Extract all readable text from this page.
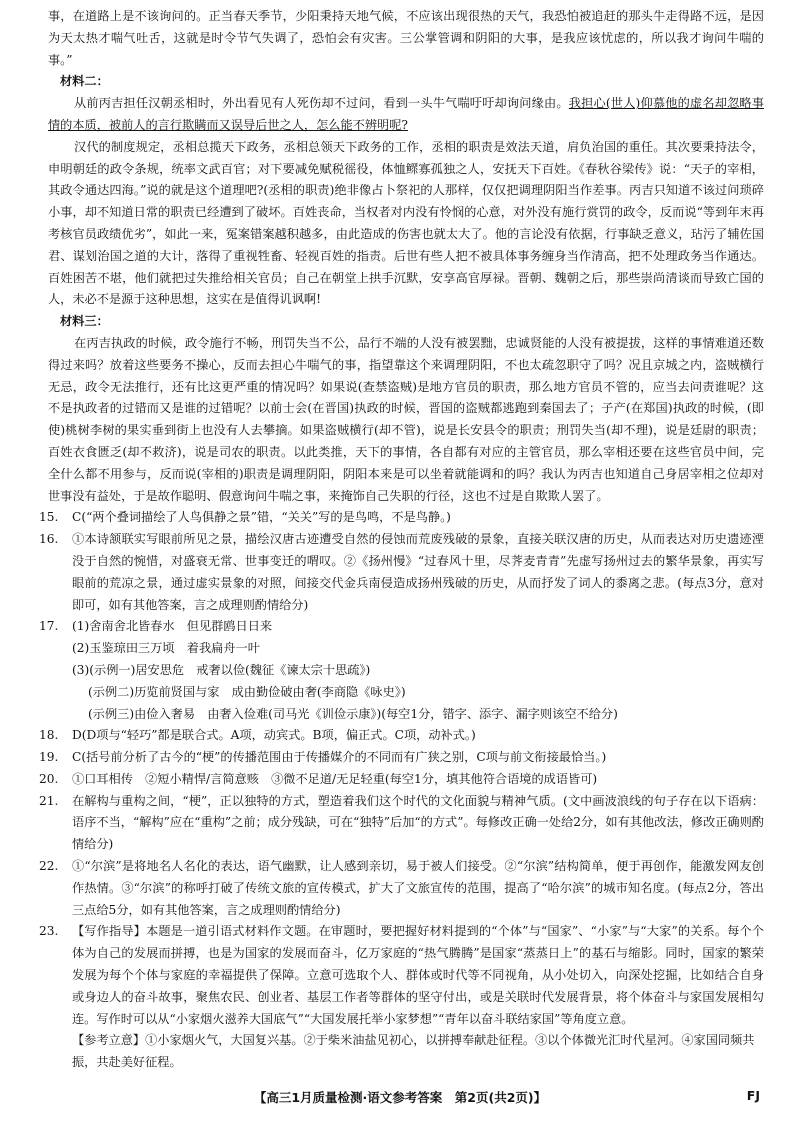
事，在道路上是不该询问的。正当春天季节，少阳秉持天地气候，不应该出现很热的天气，我恐怕被追赶的那头牛走得路不远，是因为天太热才喘气吐舌，这就是时令节气失调了，恐怕会有灾害。三公掌管调和阴阳的大事，是我应该忧虑的，所以我才询问牛喘的事。”

材料二：

从前丙吉担任汉朝丞相时，外出看见有人死伤却不过问，看到一头牛气喘吁吁却询问缘由。我担心(世人)仰慕他的虚名却忽略事情的本质，被前人的言行欺瞒而又误导后世之人，怎么能不辨明呢?

汉代的制度规定，丞相总揽天下政务，丞相总领天下政务的工作，丞相的职责是效法天道，肩负治国的重任。其次要秉持法令，申明朝廷的政令条规，统率文武百官；对下要减免赋税徭役，体恤鳏寡孤独之人，安抚天下百姓。《春秋谷梁传》说：“天子的宰相，其政令通达四海。”说的就是这个道理吧?(丞相的职责)绝非像占卜祭祀的人那样，仅仅把调理阴阳当作差事。丙吉只知道不该过问琐碎小事，却不知道日常的职责已经遭到了破坏。百姓丧命，当权者对内没有怜悯的心意，对外没有施行赏罚的政令，反而说“等到年末再考核官员政绩优劣”，如此一来，冤案错案越积越多，由此造成的伤害也就太大了。他的言论没有依据，行事缺乏意义，玷污了辅佐国君、谋划治国之道的大计，落得了重视牲畜、轻视百姓的指责。后世有些人把不被具体事务缠身当作清高，把不处理政务当作通达。百姓困苦不堪，他们就把过失推给相关官员；自己在朝堂上拱手沉默，安享高官厚禄。晋朝、魏朝之后，那些崇尚清谈而导致亡国的人，未必不是源于这种思想，这实在是值得讥讽啊!

材料三：

在丙吉执政的时候，政令施行不畅，刑罚失当不公，品行不端的人没有被罢黜，忠诚贤能的人没有被提拔，这样的事情难道还数得过来吗？放着这些要务不操心，反而去担心牛喘气的事，指望靠这个来调理阴阳，不也太疏忽职守了吗？况且京城之内，盗贼横行无忌，政令无法推行，还有比这更严重的情况吗？如果说(查禁盗贼)是地方官员的职责，那么地方官员不管的，应当去问责谁呢？这不是执政者的过错而又是谁的过错呢？以前士会(在晋国)执政的时候，晋国的盗贼都逃跑到秦国去了；子产(在郑国)执政的时候，(即使)桃树李树的果实垂到街上也没有人去攀摘。如果盗贼横行(却不管)，说是长安县令的职责；刑罚失当(却不理)，说是廷尉的职责；百姓衣食匮乏(却不救济)，说是司农的职责。以此类推，天下的事情，各自都有对应的主管官员，那么宰相还要在这些官员中间，完全什么都不用参与，反而说(宰相的)职责是调理阴阳，阴阳本来是可以坐着就能调和的吗？我认为丙吉也知道自己身居宰相之位却对世事没有益处，于是故作聪明、假意询问牛喘之事，来掩饰自己失职的行径，这也不过是自欺欺人罢了。

15. C(“两个叠词描绘了人鸟俱静之景”错，“关关”写的是鸟鸣，不是鸟静。)

16. ①本诗颔联实写眼前所见之景，描绘汉唐古迹遭受自然的侵蚀而荒废残破的景象，直接关联汉唐的历史，从而表达对历史遗迹湮没于自然的惋惜，对盛衰无常、世事变迁的喟叹。②《扬州慢》“过春风十里，尽荠麦青青”先虚写扬州过去的繁华景象，再实写眼前的荒凉之景，通过虚实景象的对照，间接交代金兵南侵造成扬州残破的历史，从而抒发了词人的黍离之悲。(每点3分，意对即可，如有其他答案，言之成理则酌情给分)

17. (1)舍南舍北皆春水　但见群鸥日日来

(2)玉鉴琼田三万顷　着我扁舟一叶

(3)(示例一)居安思危　戒奢以俭(魏征《谏太宗十思疏》)

(示例二)历览前贤国与家　成由勤俭破由奢(李商隐《咏史》)

(示例三)由俭入奢易　由奢入俭难(司马光《训俭示康》)(每空1分，错字、添字、漏字则该空不给分)

18. D(D项与“轻巧”都是联合式。A项，动宾式。B项，偏正式。C项，动补式。)

19. C(括号前分析了古今的“梗”的传播范围由于传播媒介的不同而有广狭之别，C项与前文衔接最恰当。)

20. ①口耳相传　②短小精悍/言简意赅　③微不足道/无足轻重(每空1分，填其他符合语境的成语皆可)

21. 在解构与重构之间，“梗”，正以独特的方式，塑造着我们这个时代的文化面貌与精神气质。(文中画波浪线的句子存在以下语病：语序不当，“解构”应在“重构”之前；成分残缺，可在“独特”后加“的方式”。每修改正确一处给2分，如有其他改法，修改正确则酌情给分)

22. ①“尔滨”是将地名人名化的表达，语气幽默，让人感到亲切，易于被人们接受。②“尔滨”结构简单，便于再创作，能激发网友创作热情。③“尔滨”的称呼打破了传统文旅的宣传模式，扩大了文旅宣传的范围，提高了“哈尔滨”的城市知名度。(每点2分，答出三点给5分，如有其他答案，言之成理则酌情给分)

23. 【写作指导】本题是一道引语式材料作文题。在审题时，要把握好材料提到的“个体”与“国家”、“小家”与“大家”的关系。每个个体为自己的发展而拼搏，也是为国家的发展而奋斗，亿万家庭的“热气腾腾”是国家“蒸蒸日上”的基石与缩影。同时，国家的繁荣发展为每个个体与家庭的幸福提供了保障。立意可选取个人、群体或时代等不同视角，从小处切入，向深处挖掘，比如结合自身或身边人的奋斗故事，聚焦农民、创业者、基层工作者等群体的坚守付出，或是关联时代发展背景，将个体奋斗与家国发展相勾连。写作时可以从“小家烟火滋养大国底气”“大国发展托举小家梦想”“青年以奋斗联结家国”等角度立意。

【参考立意】①小家烟火气，大国复兴基。②于柴米油盐见初心，以拼搏奉献赴征程。③以个体微光汇时代星河。④家国同频共振，共赴美好征程。

【高三1月质量检测·语文参考答案　第2页(共2页)】	FJ
